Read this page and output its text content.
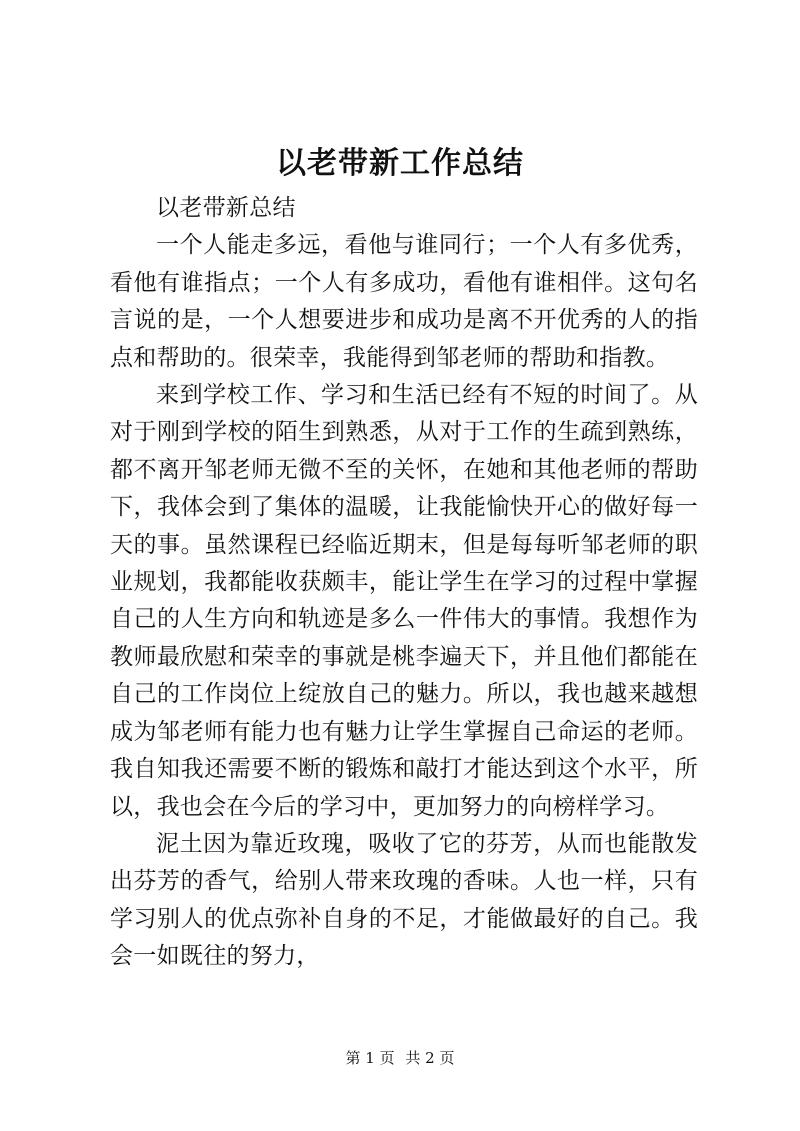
以老带新工作总结

以老带新总结

一个人能走多远，看他与谁同行；一个人有多优秀，看他有谁指点；一个人有多成功，看他有谁相伴。这句名言说的是，一个人想要进步和成功是离不开优秀的人的指点和帮助的。很荣幸，我能得到邹老师的帮助和指教。

来到学校工作、学习和生活已经有不短的时间了。从对于刚到学校的陌生到熟悉，从对于工作的生疏到熟练，都不离开邹老师无微不至的关怀，在她和其他老师的帮助下，我体会到了集体的温暖，让我能愉快开心的做好每一天的事。虽然课程已经临近期末，但是每每听邹老师的职业规划，我都能收获颇丰，能让学生在学习的过程中掌握自己的人生方向和轨迹是多么一件伟大的事情。我想作为教师最欣慰和荣幸的事就是桃李遍天下，并且他们都能在自己的工作岗位上绽放自己的魅力。所以，我也越来越想成为邹老师有能力也有魅力让学生掌握自己命运的老师。我自知我还需要不断的锻炼和敲打才能达到这个水平，所以，我也会在今后的学习中，更加努力的向榜样学习。

泥土因为靠近玫瑰，吸收了它的芬芳，从而也能散发出芬芳的香气，给别人带来玫瑰的香味。人也一样，只有学习别人的优点弥补自身的不足，才能做最好的自己。我会一如既往的努力，

第 1 页 共 2 页
